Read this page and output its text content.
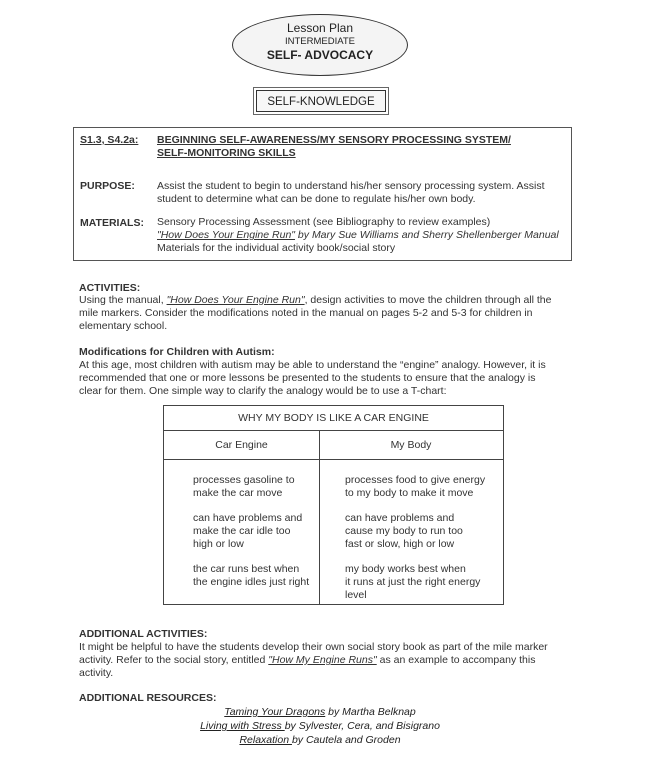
Lesson Plan
INTERMEDIATE
SELF- ADVOCACY
SELF-KNOWLEDGE
S1.3, S4.2a: BEGINNING SELF-AWARENESS/MY SENSORY PROCESSING SYSTEM/
SELF-MONITORING SKILLS
PURPOSE: Assist the student to begin to understand his/her sensory processing system. Assist
student to determine what can be done to regulate his/her own body.
MATERIALS: Sensory Processing Assessment (see Bibliography to review examples)
"How Does Your Engine Run" by Mary Sue Williams and Sherry Shellenberger Manual
Materials for the individual activity book/social story
ACTIVITIES:
Using the manual, "How Does Your Engine Run", design activities to move the children through all the
mile markers. Consider the modifications noted in the manual on pages 5-2 and 5-3 for children in
elementary school.
Modifications for Children with Autism:
At this age, most children with autism may be able to understand the “engine” analogy. However, it is
recommended that one or more lessons be presented to the students to ensure that the analogy is
clear for them. One simple way to clarify the analogy would be to use a T-chart:
WHY MY BODY IS LIKE A CAR ENGINE
Car Engine	My Body
processes gasoline to
make the car move
processes food to give energy
to my body to make it move
can have problems and
make the car idle too
high or low
can have problems and
cause my body to run too
fast or slow, high or low
the car runs best when
the engine idles just right
my body works best when
it runs at just the right energy
level
ADDITIONAL ACTIVITIES:
It might be helpful to have the students develop their own social story book as part of the mile marker
activity. Refer to the social story, entitled "How My Engine Runs" as an example to accompany this
activity.
ADDITIONAL RESOURCES:
Taming Your Dragons by Martha Belknap
Living with Stress by Sylvester, Cera, and Bisigrano
Relaxation by Cautela and Groden
